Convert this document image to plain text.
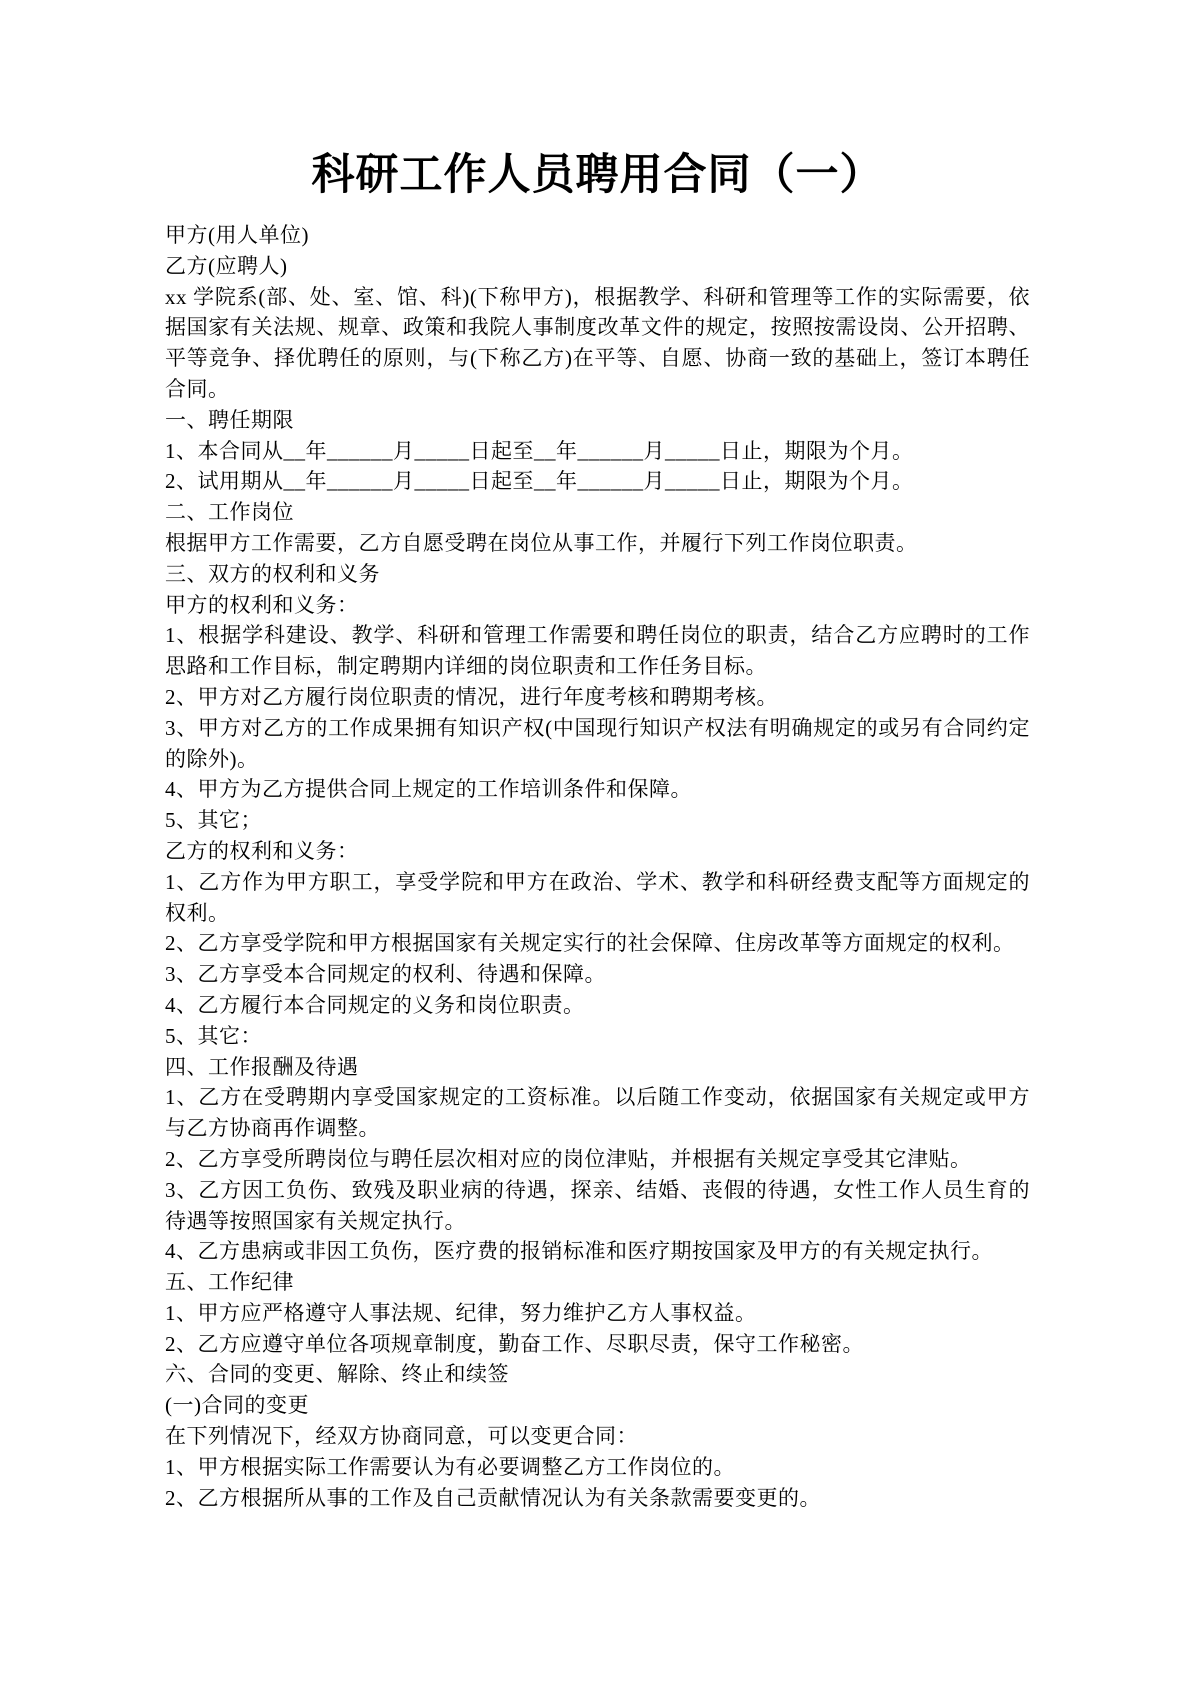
科研工作人员聘用合同（一）

甲方(用人单位)

乙方(应聘人)

xx 学院系(部、处、室、馆、科)(下称甲方)，根据教学、科研和管理等工作的实际需要，依据国家有关法规、规章、政策和我院人事制度改革文件的规定，按照按需设岗、公开招聘、平等竞争、择优聘任的原则，与(下称乙方)在平等、自愿、协商一致的基础上，签订本聘任合同。

一、聘任期限

1、本合同从__年______月_____日起至__年______月_____日止，期限为个月。

2、试用期从__年______月_____日起至__年______月_____日止，期限为个月。

二、工作岗位

根据甲方工作需要，乙方自愿受聘在岗位从事工作，并履行下列工作岗位职责。

三、双方的权利和义务

甲方的权利和义务：

1、根据学科建设、教学、科研和管理工作需要和聘任岗位的职责，结合乙方应聘时的工作思路和工作目标，制定聘期内详细的岗位职责和工作任务目标。

2、甲方对乙方履行岗位职责的情况，进行年度考核和聘期考核。

3、甲方对乙方的工作成果拥有知识产权(中国现行知识产权法有明确规定的或另有合同约定的除外)。

4、甲方为乙方提供合同上规定的工作培训条件和保障。

5、其它；

乙方的权利和义务：

1、乙方作为甲方职工，享受学院和甲方在政治、学术、教学和科研经费支配等方面规定的权利。

2、乙方享受学院和甲方根据国家有关规定实行的社会保障、住房改革等方面规定的权利。

3、乙方享受本合同规定的权利、待遇和保障。

4、乙方履行本合同规定的义务和岗位职责。

5、其它：

四、工作报酬及待遇

1、乙方在受聘期内享受国家规定的工资标准。以后随工作变动，依据国家有关规定或甲方与乙方协商再作调整。

2、乙方享受所聘岗位与聘任层次相对应的岗位津贴，并根据有关规定享受其它津贴。

3、乙方因工负伤、致残及职业病的待遇，探亲、结婚、丧假的待遇，女性工作人员生育的待遇等按照国家有关规定执行。

4、乙方患病或非因工负伤，医疗费的报销标准和医疗期按国家及甲方的有关规定执行。

五、工作纪律

1、甲方应严格遵守人事法规、纪律，努力维护乙方人事权益。

2、乙方应遵守单位各项规章制度，勤奋工作、尽职尽责，保守工作秘密。

六、合同的变更、解除、终止和续签

(一)合同的变更

在下列情况下，经双方协商同意，可以变更合同：

1、甲方根据实际工作需要认为有必要调整乙方工作岗位的。

2、乙方根据所从事的工作及自己贡献情况认为有关条款需要变更的。
